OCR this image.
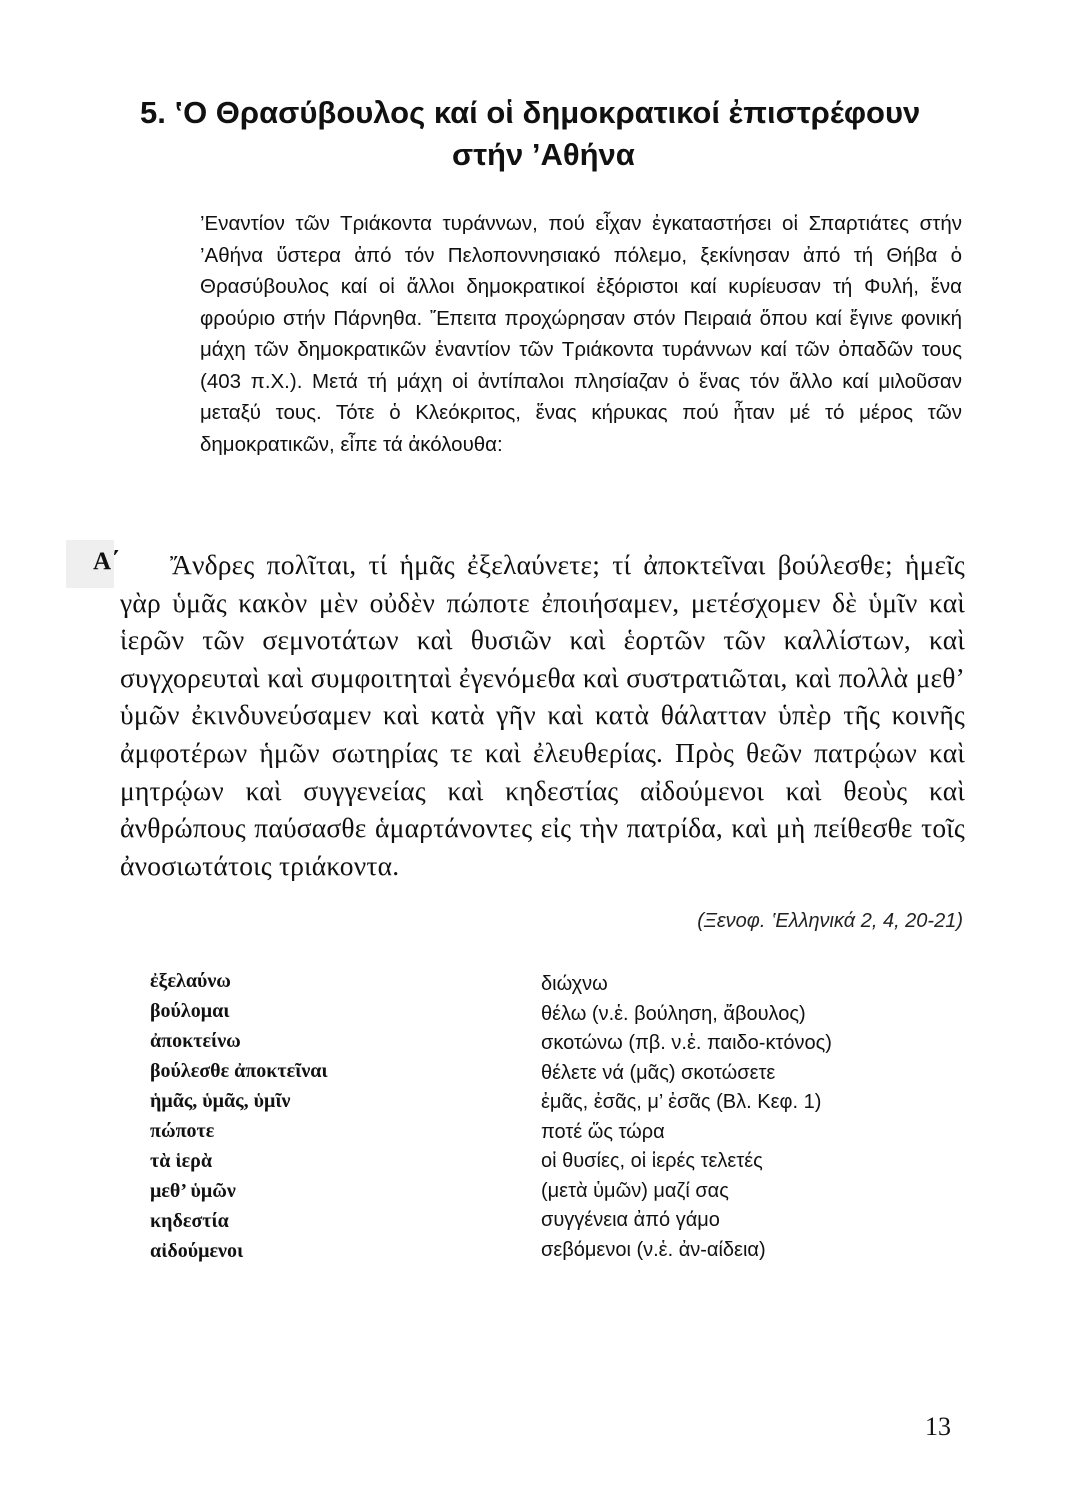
5. ‛Ο Θρασύβουλος καί οἱ δημοκρατικοί ἐπιστρέφουν
στήν ’Αθήνα

’Εναντίον τῶν Τριάκοντα τυράννων, πού εἶχαν ἐγκαταστήσει οἱ Σπαρτιάτες στήν ’Αθήνα ὕστερα ἀπό τόν Πελοποννησιακό πόλεμο, ξεκίνησαν ἀπό τή Θήβα ὁ Θρασύβουλος καί οἱ ἄλλοι δημοκρατικοί ἐξόριστοι καί κυρίευσαν τή Φυλή, ἕνα φρούριο στήν Πάρνηθα. Ἔπειτα προχώρησαν στόν Πειραιά ὅπου καί ἔγινε φονική μάχη τῶν δημοκρατικῶν ἐναντίον τῶν Τριάκοντα τυράννων καί τῶν ὀπαδῶν τους (403 π.Χ.). Μετά τή μάχη οἱ ἀντίπαλοι πλησίαζαν ὁ ἕνας τόν ἄλλο καί μιλοῦσαν μεταξύ τους. Τότε ὁ Κλεόκριτος, ἕνας κήρυκας πού ἦταν μέ τό μέρος τῶν δημοκρατικῶν, εἶπε τά ἀκόλουθα:

Α΄	Ἄνδρες πολῖται, τί ἡμᾶς ἐξελαύνετε; τί ἀποκτεῖναι βούλεσθε; ἡμεῖς γὰρ ὑμᾶς κακὸν μὲν οὐδὲν πώποτε ἐποιήσαμεν, μετέσχομεν δὲ ὑμῖν καὶ ἱερῶν τῶν σεμνοτάτων καὶ θυσιῶν καὶ ἑορτῶν τῶν καλλίστων, καὶ συγχορευταὶ καὶ συμφοιτηταὶ ἐγενόμεθα καὶ συστρατιῶται, καὶ πολλὰ μεθ’ ὑμῶν ἐκινδυνεύσαμεν καὶ κατὰ γῆν καὶ κατὰ θάλατταν ὑπὲρ τῆς κοινῆς ἀμφοτέρων ἡμῶν σωτηρίας τε καὶ ἐλευθερίας. Πρὸς θεῶν πατρῴων καὶ μητρῴων καὶ συγγενείας καὶ κηδεστίας αἰδούμενοι καὶ θεοὺς καὶ ἀνθρώπους παύσασθε ἁμαρτάνοντες εἰς τὴν πατρίδα, καὶ μὴ πείθεσθε τοῖς ἀνοσιωτάτοις τριάκοντα.

(Ξενοφ. ‛Ελληνικά 2, 4, 20-21)
ἐξελαύνω
βούλομαι
ἀποκτείνω
βούλεσθε ἀποκτεῖναι
ἡμᾶς, ὑμᾶς, ὑμῖν
πώποτε
τὰ ἱερὰ
μεθ’ ὑμῶν
κηδεστία
αἰδούμενοι
διώχνω
θέλω (ν.ἑ. βούληση, ἄβουλος)
σκοτώνω (πβ. ν.ἑ. παιδο-κτόνος)
θέλετε νά (μᾶς) σκοτώσετε
ἐμᾶς, ἐσᾶς, μ’ ἐσᾶς (Βλ. Κεφ. 1)
ποτέ ὥς τώρα
οἱ θυσίες, οἱ ἱερές τελετές
(μετὰ ὑμῶν) μαζί σας
συγγένεια ἀπό γάμο
σεβόμενοι (ν.ἑ. ἀν-αίδεια)
13
